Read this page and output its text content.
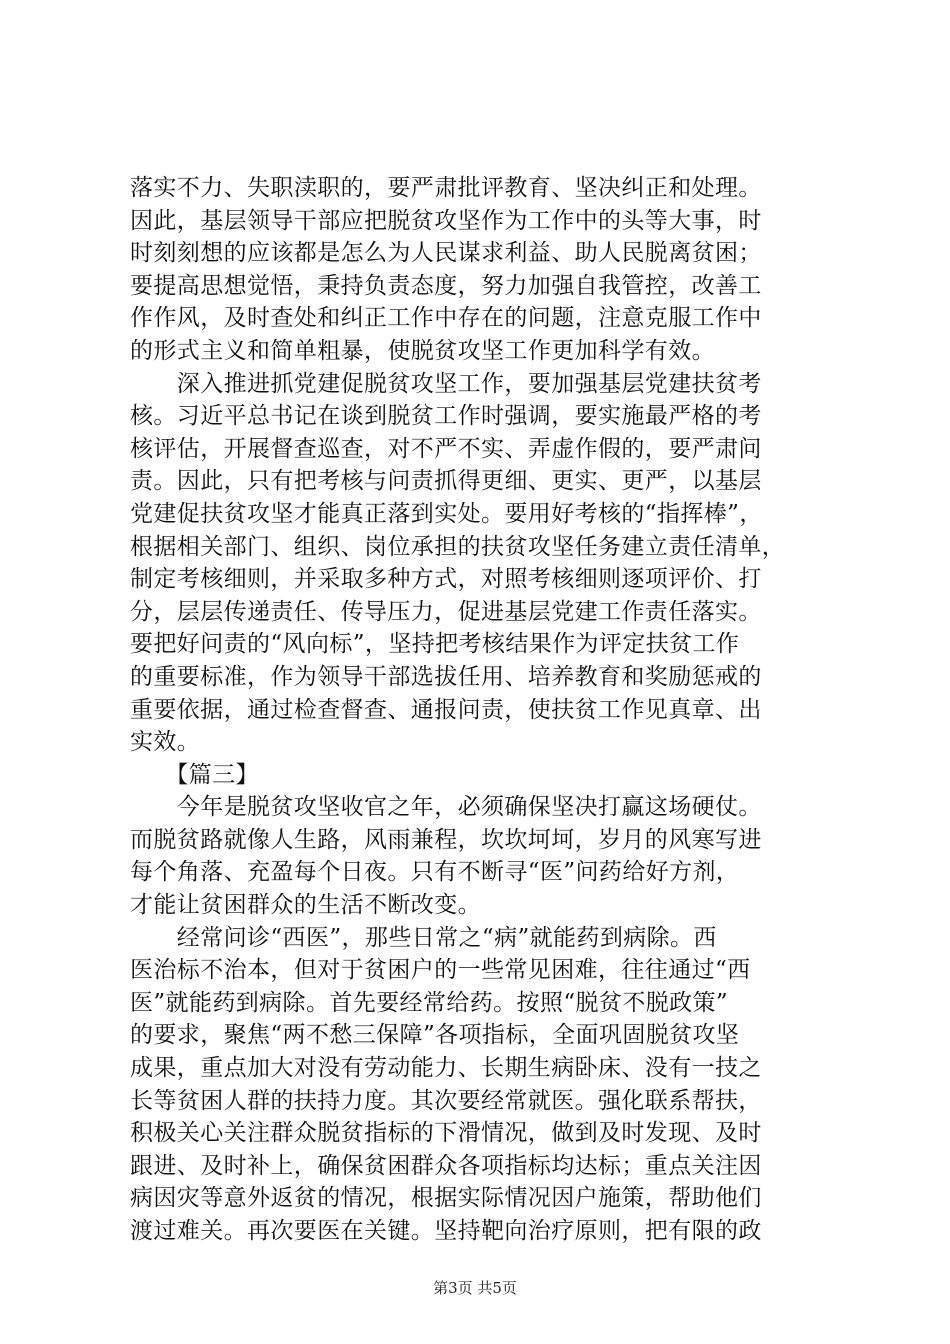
落实不力、失职渎职的，要严肃批评教育、坚决纠正和处理。
因此，基层领导干部应把脱贫攻坚作为工作中的头等大事，时
时刻刻想的应该都是怎么为人民谋求利益、助人民脱离贫困；
要提高思想觉悟，秉持负责态度，努力加强自我管控，改善工
作作风，及时查处和纠正工作中存在的问题，注意克服工作中
的形式主义和简单粗暴，使脱贫攻坚工作更加科学有效。
　　深入推进抓党建促脱贫攻坚工作，要加强基层党建扶贫考
核。习近平总书记在谈到脱贫工作时强调，要实施最严格的考
核评估，开展督查巡查，对不严不实、弄虚作假的，要严肃问
责。因此，只有把考核与问责抓得更细、更实、更严，以基层
党建促扶贫攻坚才能真正落到实处。要用好考核的“指挥棒”，
根据相关部门、组织、岗位承担的扶贫攻坚任务建立责任清单，
制定考核细则，并采取多种方式，对照考核细则逐项评价、打
分，层层传递责任、传导压力，促进基层党建工作责任落实。
要把好问责的“风向标”，坚持把考核结果作为评定扶贫工作
的重要标准，作为领导干部选拔任用、培养教育和奖励惩戒的
重要依据，通过检查督查、通报问责，使扶贫工作见真章、出
实效。
　　【篇三】
　　今年是脱贫攻坚收官之年，必须确保坚决打赢这场硬仗。
而脱贫路就像人生路，风雨兼程，坎坎坷坷，岁月的风寒写进
每个角落、充盈每个日夜。只有不断寻“医”问药给好方剂，
才能让贫困群众的生活不断改变。
　　经常问诊“西医”，那些日常之“病”就能药到病除。西
医治标不治本，但对于贫困户的一些常见困难，往往通过“西
医”就能药到病除。首先要经常给药。按照“脱贫不脱政策”
的要求，聚焦“两不愁三保障”各项指标，全面巩固脱贫攻坚
成果，重点加大对没有劳动能力、长期生病卧床、没有一技之
长等贫困人群的扶持力度。其次要经常就医。强化联系帮扶，
积极关心关注群众脱贫指标的下滑情况，做到及时发现、及时
跟进、及时补上，确保贫困群众各项指标均达标；重点关注因
病因灾等意外返贫的情况，根据实际情况因户施策，帮助他们
渡过难关。再次要医在关键。坚持靶向治疗原则，把有限的政
第3页 共5页
